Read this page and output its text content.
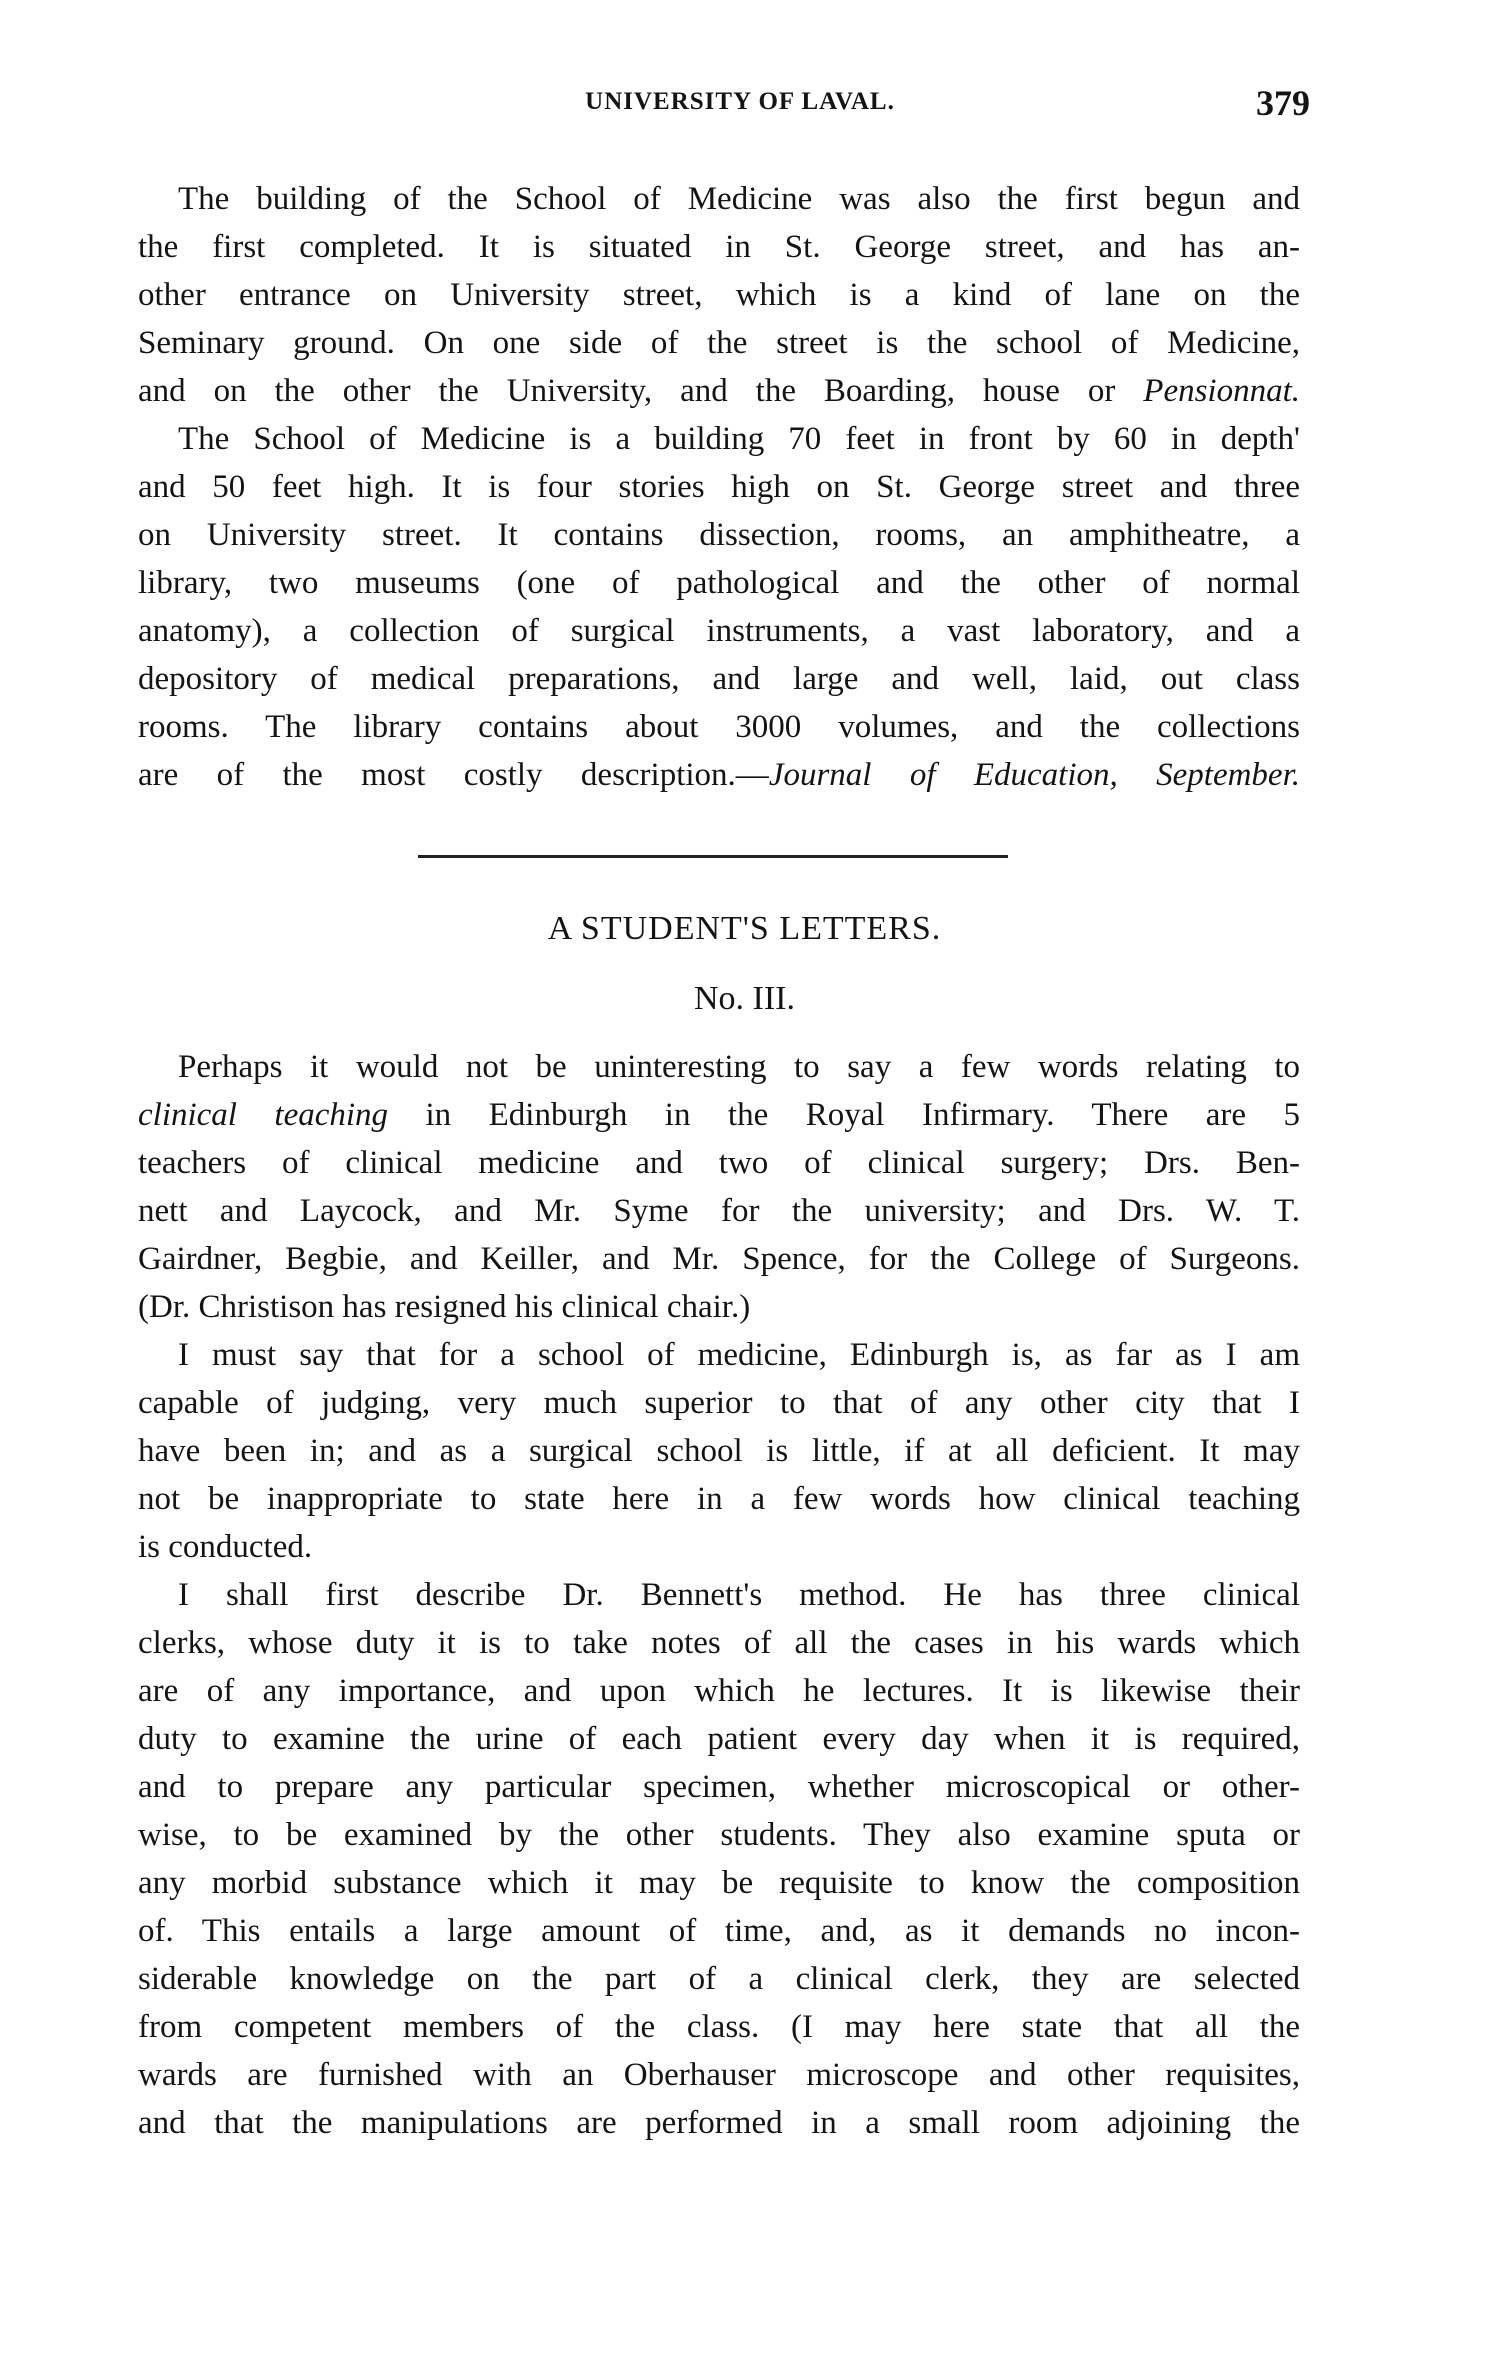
UNIVERSITY OF LAVAL.	379
The building of the School of Medicine was also the first begun and
the first completed. It is situated in St. George street, and has an-
other entrance on University street, which is a kind of lane on the
Seminary ground. On one side of the street is the school of Medicine,
and on the other the University, and the Boarding, house or Pensionnat.
The School of Medicine is a building 70 feet in front by 60 in depth'
and 50 feet high. It is four stories high on St. George street and three
on University street. It contains dissection, rooms, an amphitheatre, a
library, two museums (one of pathological and the other of normal
anatomy), a collection of surgical instruments, a vast laboratory, and a
depository of medical preparations, and large and well, laid, out class
rooms. The library contains about 3000 volumes, and the collections
are of the most costly description.—Journal of Education, September.
A STUDENT'S LETTERS.
No. III.
Perhaps it would not be uninteresting to say a few words relating to
clinical teaching in Edinburgh in the Royal Infirmary. There are 5
teachers of clinical medicine and two of clinical surgery; Drs. Ben-
nett and Laycock, and Mr. Syme for the university; and Drs. W. T.
Gairdner, Begbie, and Keiller, and Mr. Spence, for the College of Surgeons.
(Dr. Christison has resigned his clinical chair.)
I must say that for a school of medicine, Edinburgh is, as far as I am
capable of judging, very much superior to that of any other city that I
have been in; and as a surgical school is little, if at all deficient. It may
not be inappropriate to state here in a few words how clinical teaching
is conducted.
I shall first describe Dr. Bennett's method. He has three clinical
clerks, whose duty it is to take notes of all the cases in his wards which
are of any importance, and upon which he lectures. It is likewise their
duty to examine the urine of each patient every day when it is required,
and to prepare any particular specimen, whether microscopical or other-
wise, to be examined by the other students. They also examine sputa or
any morbid substance which it may be requisite to know the composition
of. This entails a large amount of time, and, as it demands no incon-
siderable knowledge on the part of a clinical clerk, they are selected
from competent members of the class. (I may here state that all the
wards are furnished with an Oberhauser microscope and other requisites,
and that the manipulations are performed in a small room adjoining the
